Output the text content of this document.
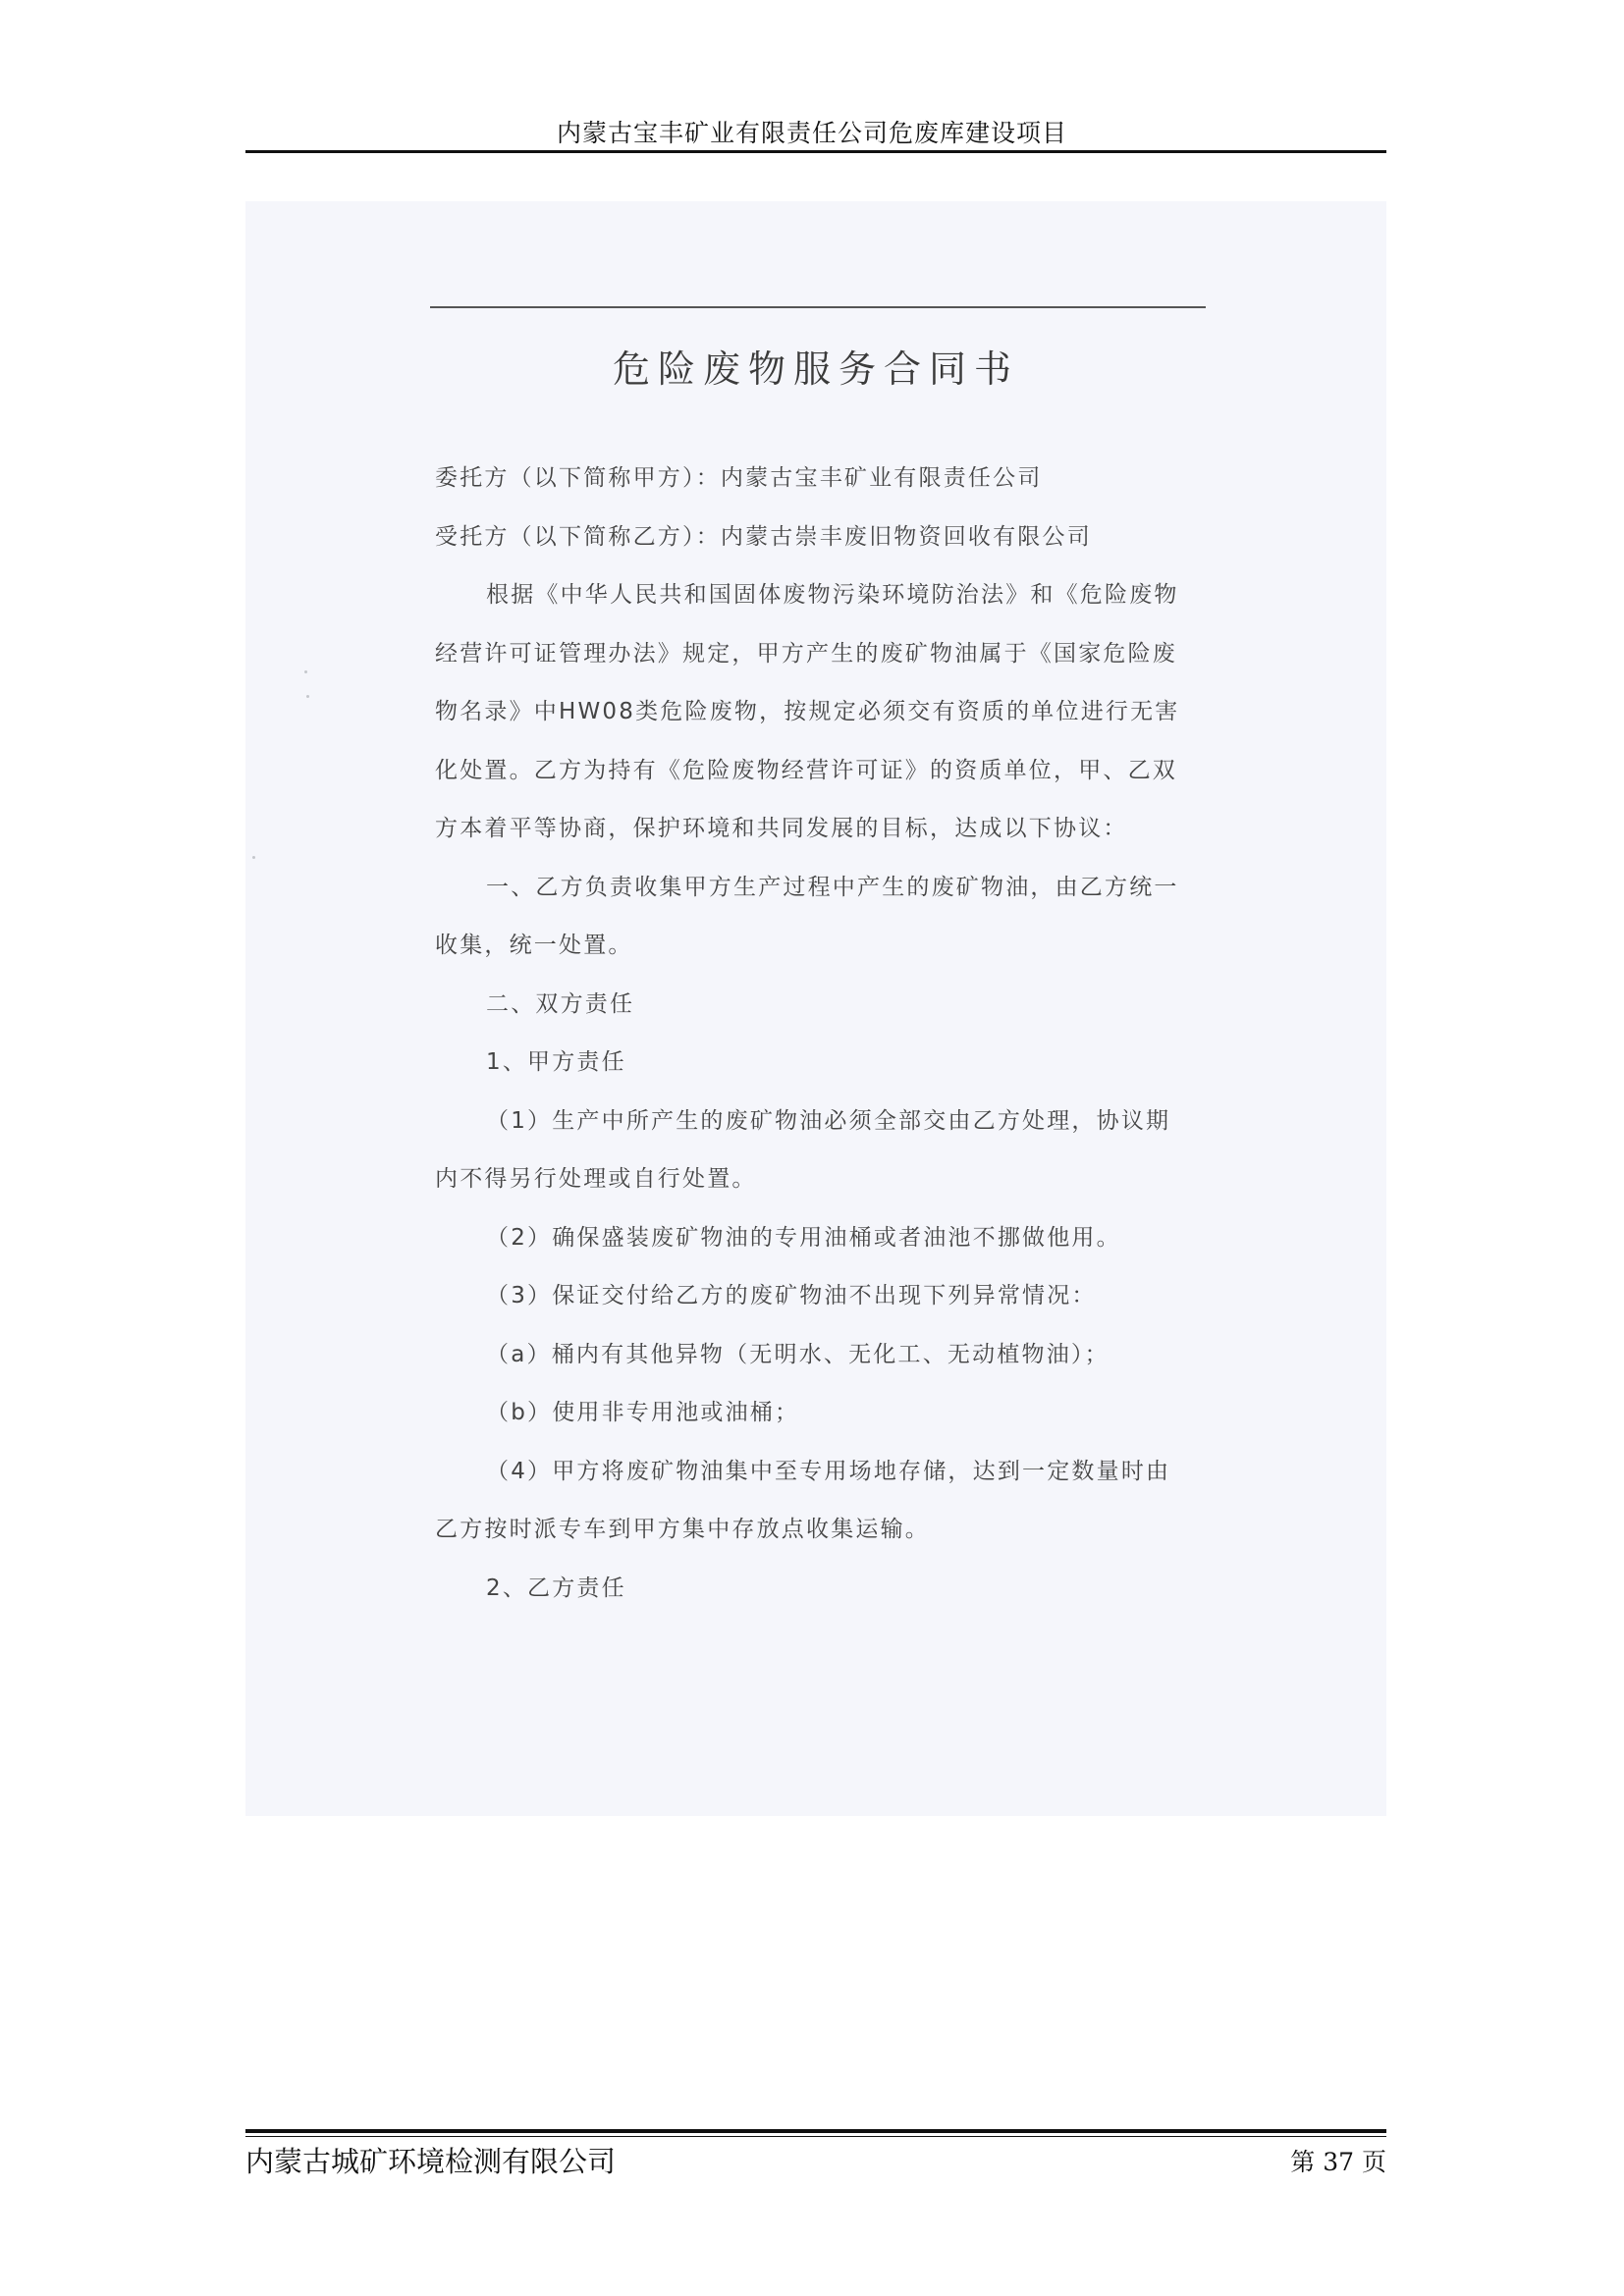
内蒙古宝丰矿业有限责任公司危废库建设项目
危险废物服务合同书
委托方（以下简称甲方）：内蒙古宝丰矿业有限责任公司
受托方（以下简称乙方）：内蒙古崇丰废旧物资回收有限公司
根据《中华人民共和国固体废物污染环境防治法》和《危险废物
经营许可证管理办法》规定，甲方产生的废矿物油属于《国家危险废
物名录》中HW08类危险废物，按规定必须交有资质的单位进行无害
化处置。乙方为持有《危险废物经营许可证》的资质单位，甲、乙双
方本着平等协商，保护环境和共同发展的目标，达成以下协议：
一、乙方负责收集甲方生产过程中产生的废矿物油，由乙方统一
收集，统一处置。
二、双方责任
1、甲方责任
（1）生产中所产生的废矿物油必须全部交由乙方处理，协议期
内不得另行处理或自行处置。
（2）确保盛装废矿物油的专用油桶或者油池不挪做他用。
（3）保证交付给乙方的废矿物油不出现下列异常情况：
（a）桶内有其他异物（无明水、无化工、无动植物油）；
（b）使用非专用池或油桶；
（4）甲方将废矿物油集中至专用场地存储，达到一定数量时由
乙方按时派专车到甲方集中存放点收集运输。
2、乙方责任
内蒙古城矿环境检测有限公司	第 37 页
